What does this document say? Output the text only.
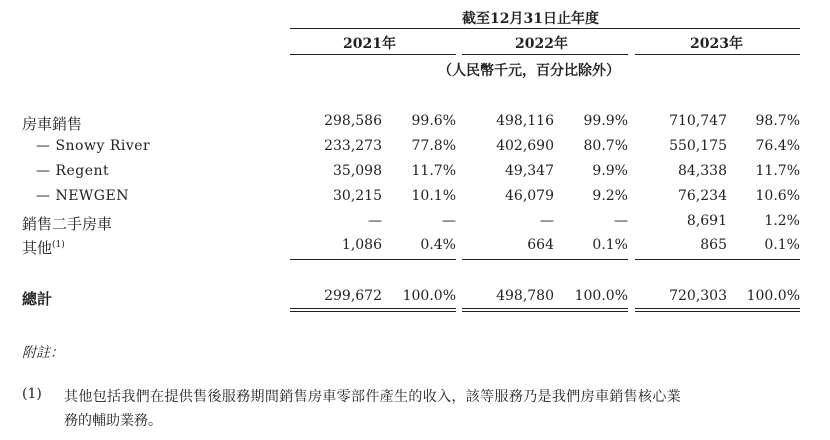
截至12月31日止年度
2021年	2022年	2023年
（人民幣千元，百分比除外）
房車銷售	298,586	99.6%	498,116	99.9%	710,747	98.7%
— Snowy River	233,273	77.8%	402,690	80.7%	550,175	76.4%
— Regent	35,098	11.7%	49,347	9.9%	84,338	11.7%
— NEWGEN	30,215	10.1%	46,079	9.2%	76,234	10.6%
銷售二手房車	—	—	—	—	8,691	1.2%
其他$^{(1)}$	1,086	0.4%	664	0.1%	865	0.1%
總計	299,672	100.0%	498,780	100.0%	720,303	100.0%
附註：
(1) 其他包括我們在提供售後服務期間銷售房車零部件產生的收入，該等服務乃是我們房車銷售核心業
務的輔助業務。
